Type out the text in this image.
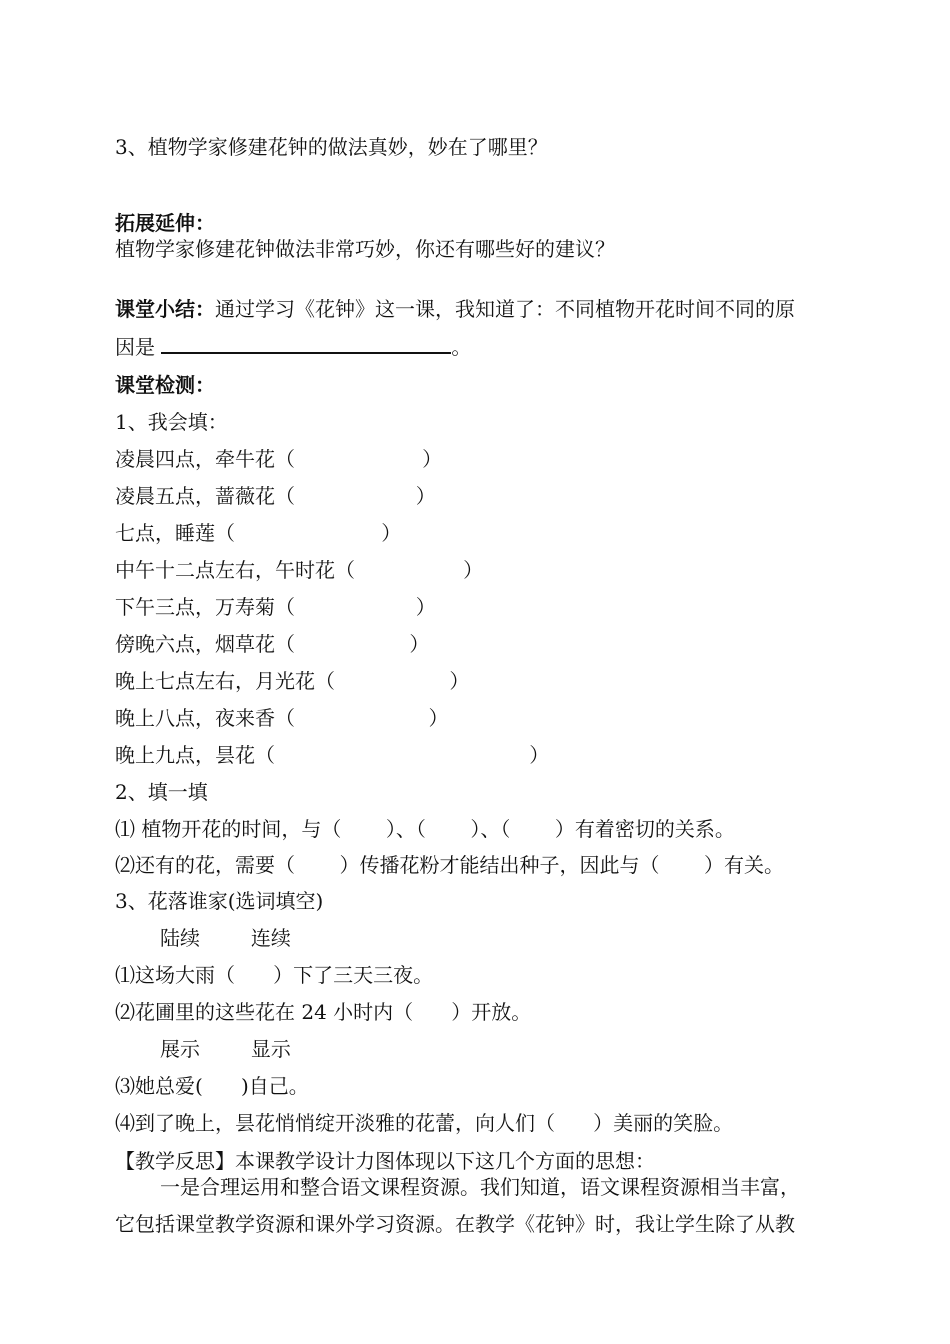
3、植物学家修建花钟的做法真妙，妙在了哪里？
拓展延伸：
植物学家修建花钟做法非常巧妙，你还有哪些好的建议？
课堂小结：通过学习《花钟》这一课，我知道了：不同植物开花时间不同的原
因是	。
课堂检测：
1、我会填：
凌晨四点，牵牛花（                    ）
凌晨五点，蔷薇花（                   ）
七点，睡莲（                       ）
中午十二点左右，午时花（                 ）
下午三点，万寿菊（                   ）
傍晚六点，烟草花（                  ）
晚上七点左右，月光花（                  ）
晚上八点，夜来香（                     ）
晚上九点，昙花（                                        ）
2、填一填
⑴ 植物开花的时间，与（       ）、（       ）、（       ）有着密切的关系。
⑵还有的花，需要（       ）传播花粉才能结出种子，因此与（       ）有关。
3、花落谁家(选词填空)
陆续        连续
⑴这场大雨（      ）下了三天三夜。
⑵花圃里的这些花在 24 小时内（      ）开放。
展示        显示
⑶她总爱(      )自己。
⑷到了晚上，昙花悄悄绽开淡雅的花蕾，向人们（      ）美丽的笑脸。
【教学反思】本课教学设计力图体现以下这几个方面的思想：
一是合理运用和整合语文课程资源。我们知道，语文课程资源相当丰富，
它包括课堂教学资源和课外学习资源。在教学《花钟》时，我让学生除了从教
